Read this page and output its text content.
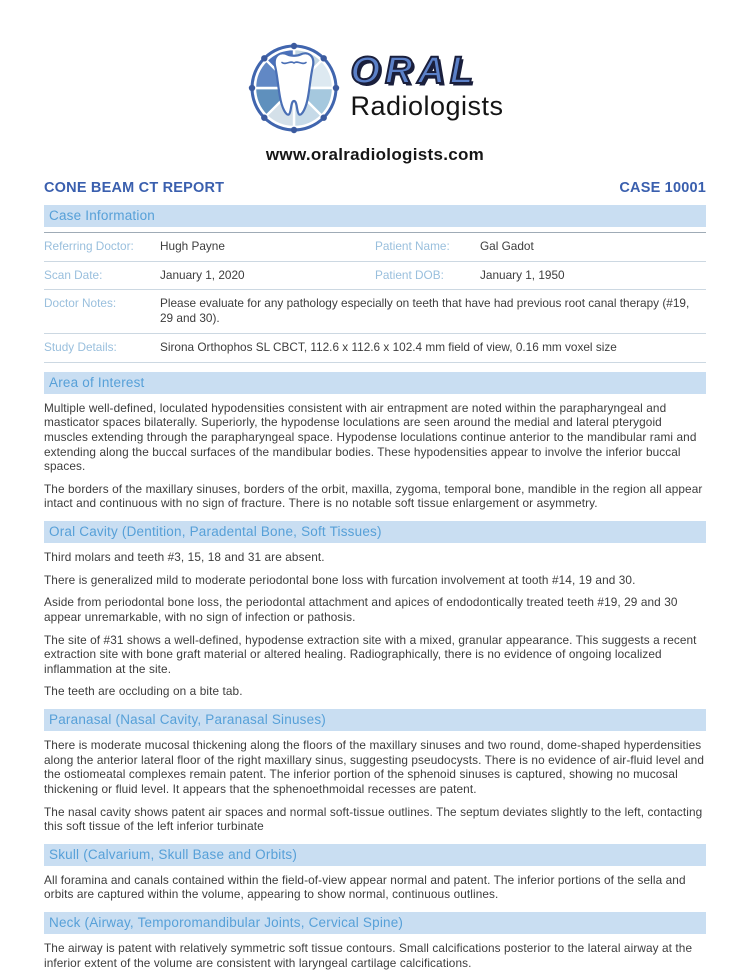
ORAL
Radiologists
www.oralradiologists.com
CONE BEAM CT REPORT	CASE 10001
Case Information
Referring Doctor:	Hugh Payne	Patient Name:	Gal Gadot
Scan Date:	January 1, 2020	Patient DOB:	January 1, 1950
Doctor Notes:	Please evaluate for any pathology especially on teeth that have had previous root canal therapy (#19, 29 and 30).
Study Details:	Sirona Orthophos SL CBCT, 112.6 x 112.6 x 102.4 mm field of view, 0.16 mm voxel size
Area of Interest

Multiple well-defined, loculated hypodensities consistent with air entrapment are noted within the parapharyngeal and masticator spaces bilaterally. Superiorly, the hypodense loculations are seen around the medial and lateral pterygoid muscles extending through the parapharyngeal space. Hypodense loculations continue anterior to the mandibular rami and extending along the buccal surfaces of the mandibular bodies. These hypodensities appear to involve the inferior buccal spaces.

The borders of the maxillary sinuses, borders of the orbit, maxilla, zygoma, temporal bone, mandible in the region all appear intact and continuous with no sign of fracture. There is no notable soft tissue enlargement or asymmetry.

Oral Cavity (Dentition, Paradental Bone, Soft Tissues)

Third molars and teeth #3, 15, 18 and 31 are absent.

There is generalized mild to moderate periodontal bone loss with furcation involvement at tooth #14, 19 and 30.

Aside from periodontal bone loss, the periodontal attachment and apices of endodontically treated teeth #19, 29 and 30 appear unremarkable, with no sign of infection or pathosis.

The site of #31 shows a well-defined, hypodense extraction site with a mixed, granular appearance. This suggests a recent extraction site with bone graft material or altered healing. Radiographically, there is no evidence of ongoing localized inflammation at the site.

The teeth are occluding on a bite tab.

Paranasal (Nasal Cavity, Paranasal Sinuses)

There is moderate mucosal thickening along the floors of the maxillary sinuses and two round, dome-shaped hyperdensities along the anterior lateral floor of the right maxillary sinus, suggesting pseudocysts. There is no evidence of air-fluid level and the ostiomeatal complexes remain patent. The inferior portion of the sphenoid sinuses is captured, showing no mucosal thickening or fluid level. It appears that the sphenoethmoidal recesses are patent.

The nasal cavity shows patent air spaces and normal soft-tissue outlines. The septum deviates slightly to the left, contacting this soft tissue of the left inferior turbinate

Skull (Calvarium, Skull Base and Orbits)

All foramina and canals contained within the field-of-view appear normal and patent. The inferior portions of the sella and orbits are captured within the volume, appearing to show normal, continuous outlines.

Neck (Airway, Temporomandibular Joints, Cervical Spine)

The airway is patent with relatively symmetric soft tissue contours. Small calcifications posterior to the lateral airway at the inferior extent of the volume are consistent with laryngeal cartilage calcifications.
